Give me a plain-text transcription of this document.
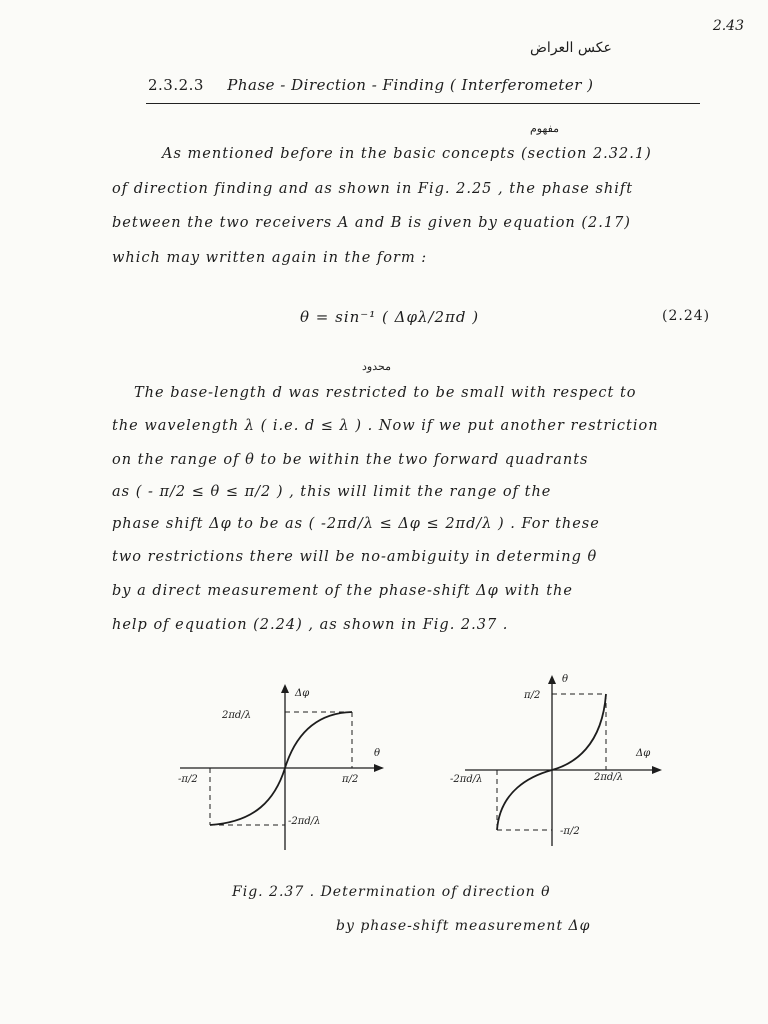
2.43
عکس العراض
2.3.2.3 Phase - Direction - Finding ( Interferometer )
مفهوم
As mentioned before in the basic concepts (section 2.32.1)
of direction finding and as shown in Fig. 2.25 , the phase shift
between the two receivers A and B is given by equation (2.17)
which may written again in the form :
θ = sin⁻¹ ( Δφλ/2πd )	(2.24)
محدود
The base-length d was restricted to be small with respect to
the wavelength λ ( i.e. d ≤ λ ) . Now if we put another restriction
on the range of θ to be within the two forward quadrants
as ( - π/2 ≤ θ ≤ π/2 ) , this will limit the range of the
phase shift Δφ to be as ( -2πd/λ ≤ Δφ ≤ 2πd/λ ) . For these
two restrictions there will be no-ambiguity in determing θ
by a direct measurement of the phase-shift Δφ with the
help of equation (2.24) , as shown in Fig. 2.37 .
Δφ
θ
2πd/λ
-2πd/λ
-π/2	π/2
θ
Δφ
π/2
-π/2
-2πd/λ	2πd/λ
Fig. 2.37 . Determination of direction θ
by phase-shift measurement Δφ
